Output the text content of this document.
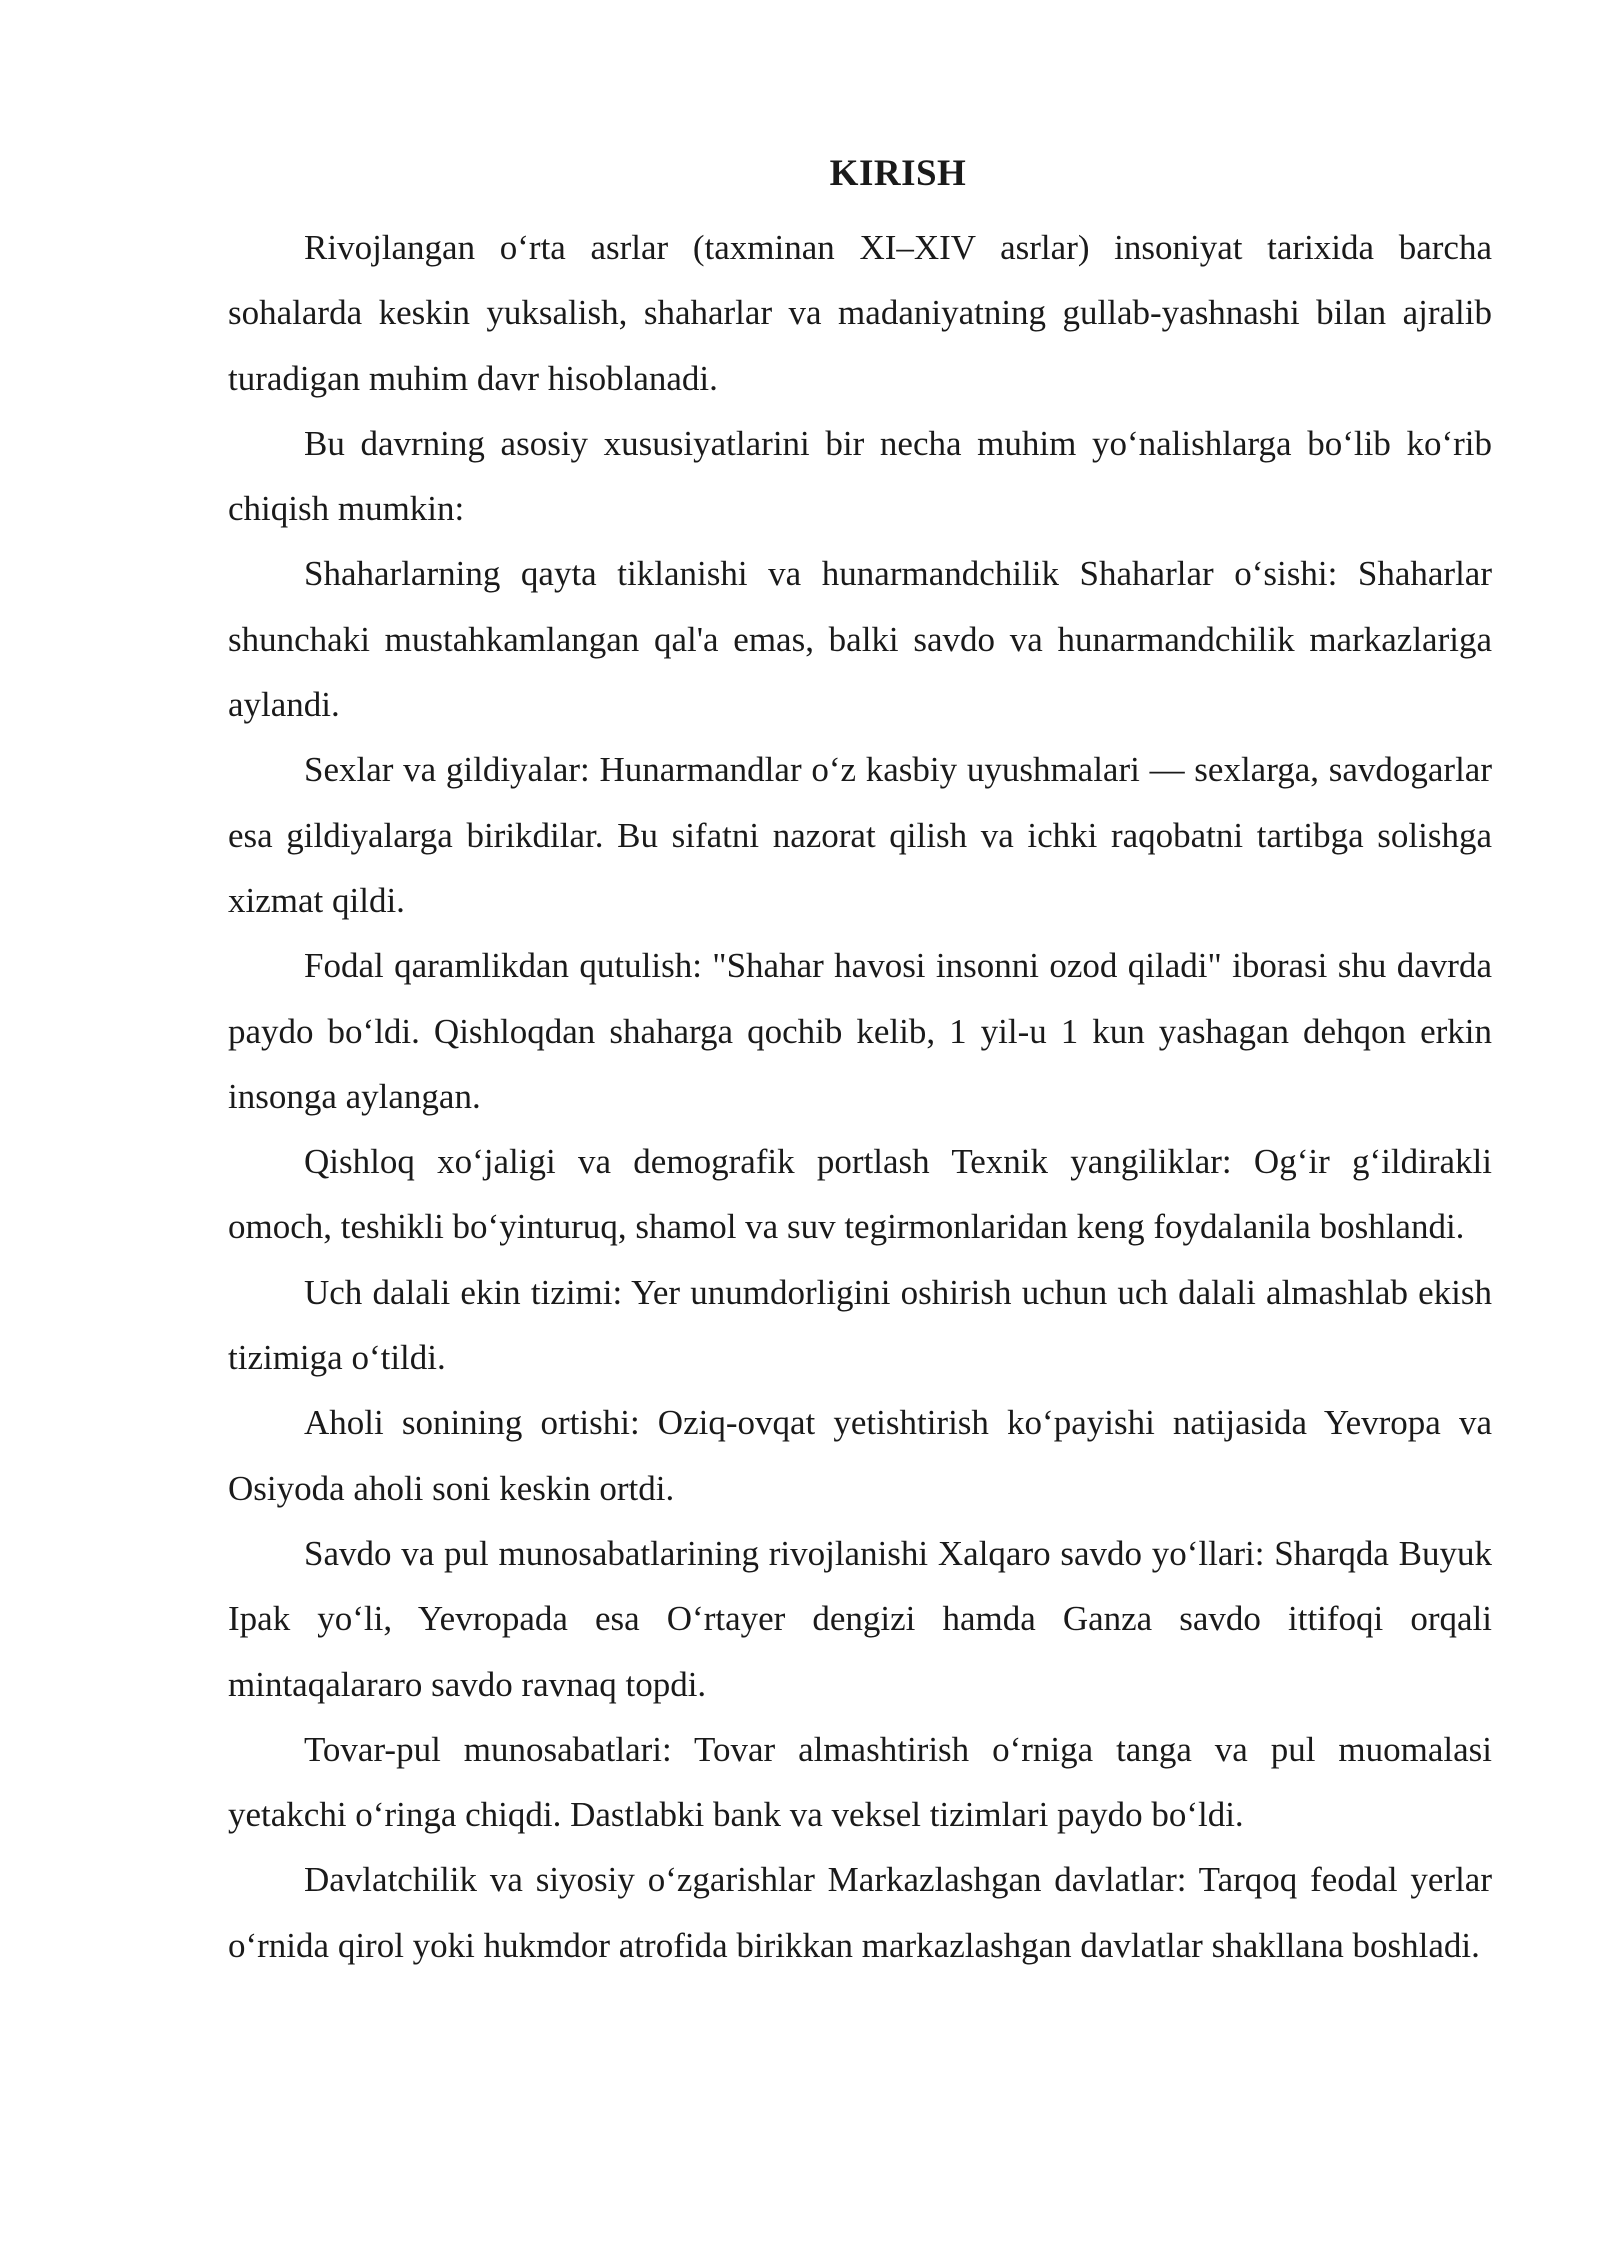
KIRISH

Rivojlangan o‘rta asrlar (taxminan XI–XIV asrlar) insoniyat tarixida barcha sohalarda keskin yuksalish, shaharlar va madaniyatning gullab-yashnashi bilan ajralib turadigan muhim davr hisoblanadi.

Bu davrning asosiy xususiyatlarini bir necha muhim yo‘nalishlarga bo‘lib ko‘rib chiqish mumkin:

Shaharlarning qayta tiklanishi va hunarmandchilik Shaharlar o‘sishi: Shaharlar shunchaki mustahkamlangan qal'a emas, balki savdo va hunarmandchilik markazlariga aylandi.

Sexlar va gildiyalar: Hunarmandlar o‘z kasbiy uyushmalari — sexlarga, savdogarlar esa gildiyalarga birikdilar. Bu sifatni nazorat qilish va ichki raqobatni tartibga solishga xizmat qildi.

Fodal qaramlikdan qutulish: "Shahar havosi insonni ozod qiladi" iborasi shu davrda paydo bo‘ldi. Qishloqdan shaharga qochib kelib, 1 yil-u 1 kun yashagan dehqon erkin insonga aylangan.

Qishloq xo‘jaligi va demografik portlash Texnik yangiliklar: Og‘ir g‘ildirakli omoch, teshikli bo‘yinturuq, shamol va suv tegirmonlaridan keng foydalanila boshlandi.

Uch dalali ekin tizimi: Yer unumdorligini oshirish uchun uch dalali almashlab ekish tizimiga o‘tildi.

Aholi sonining ortishi: Oziq-ovqat yetishtirish ko‘payishi natijasida Yevropa va Osiyoda aholi soni keskin ortdi.

Savdo va pul munosabatlarining rivojlanishi Xalqaro savdo yo‘llari: Sharqda Buyuk Ipak yo‘li, Yevropada esa O‘rtayer dengizi hamda Ganza savdo ittifoqi orqali mintaqalararo savdo ravnaq topdi.

Tovar-pul munosabatlari: Tovar almashtirish o‘rniga tanga va pul muomalasi yetakchi o‘ringa chiqdi. Dastlabki bank va veksel tizimlari paydo bo‘ldi.

Davlatchilik va siyosiy o‘zgarishlar Markazlashgan davlatlar: Tarqoq feodal yerlar o‘rnida qirol yoki hukmdor atrofida birikkan markazlashgan davlatlar shakllana boshladi.
